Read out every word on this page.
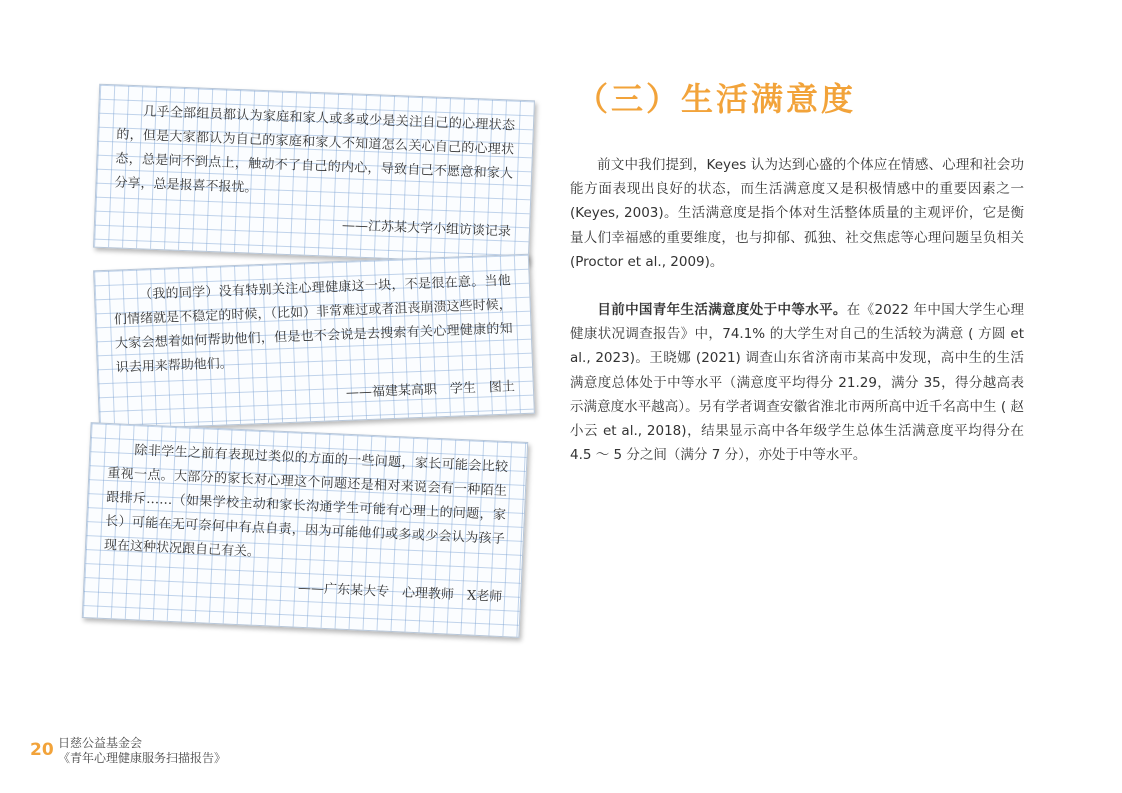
几乎全部组员都认为家庭和家人或多或少是关注自己的心理状态的，但是大家都认为自己的家庭和家人不知道怎么关心自己的心理状态，总是问不到点上，触动不了自己的内心，导致自己不愿意和家人分享，总是报喜不报忧。

——江苏某大学小组访谈记录

（我的同学）没有特别关注心理健康这一块，不是很在意。当他们情绪就是不稳定的时候，（比如）非常难过或者沮丧崩溃这些时候，大家会想着如何帮助他们，但是也不会说是去搜索有关心理健康的知识去用来帮助他们。

——福建某高职　学生　图土

除非学生之前有表现过类似的方面的一些问题，家长可能会比较重视一点。大部分的家长对心理这个问题还是相对来说会有一种陌生跟排斥……（如果学校主动和家长沟通学生可能有心理上的问题，家长）可能在无可奈何中有点自责，因为可能他们或多或少会认为孩子现在这种状况跟自己有关。

——广东某大专　心理教师　X老师

（三）生活满意度

前文中我们提到，Keyes 认为达到心盛的个体应在情感、心理和社会功能方面表现出良好的状态，而生活满意度又是积极情感中的重要因素之一 (Keyes, 2003)。生活满意度是指个体对生活整体质量的主观评价，它是衡量人们幸福感的重要维度，也与抑郁、孤独、社交焦虑等心理问题呈负相关 (Proctor et al., 2009)。

目前中国青年生活满意度处于中等水平。在《2022 年中国大学生心理健康状况调查报告》中，74.1% 的大学生对自己的生活较为满意 ( 方圆 et al., 2023)。王晓娜 (2021) 调查山东省济南市某高中发现，高中生的生活满意度总体处于中等水平（满意度平均得分 21.29，满分 35，得分越高表示满意度水平越高）。另有学者调查安徽省淮北市两所高中近千名高中生 ( 赵小云 et al., 2018)，结果显示高中各年级学生总体生活满意度平均得分在 4.5 ～ 5 分之间（满分 7 分），亦处于中等水平。

20 日慈公益基金会
《青年心理健康服务扫描报告》
